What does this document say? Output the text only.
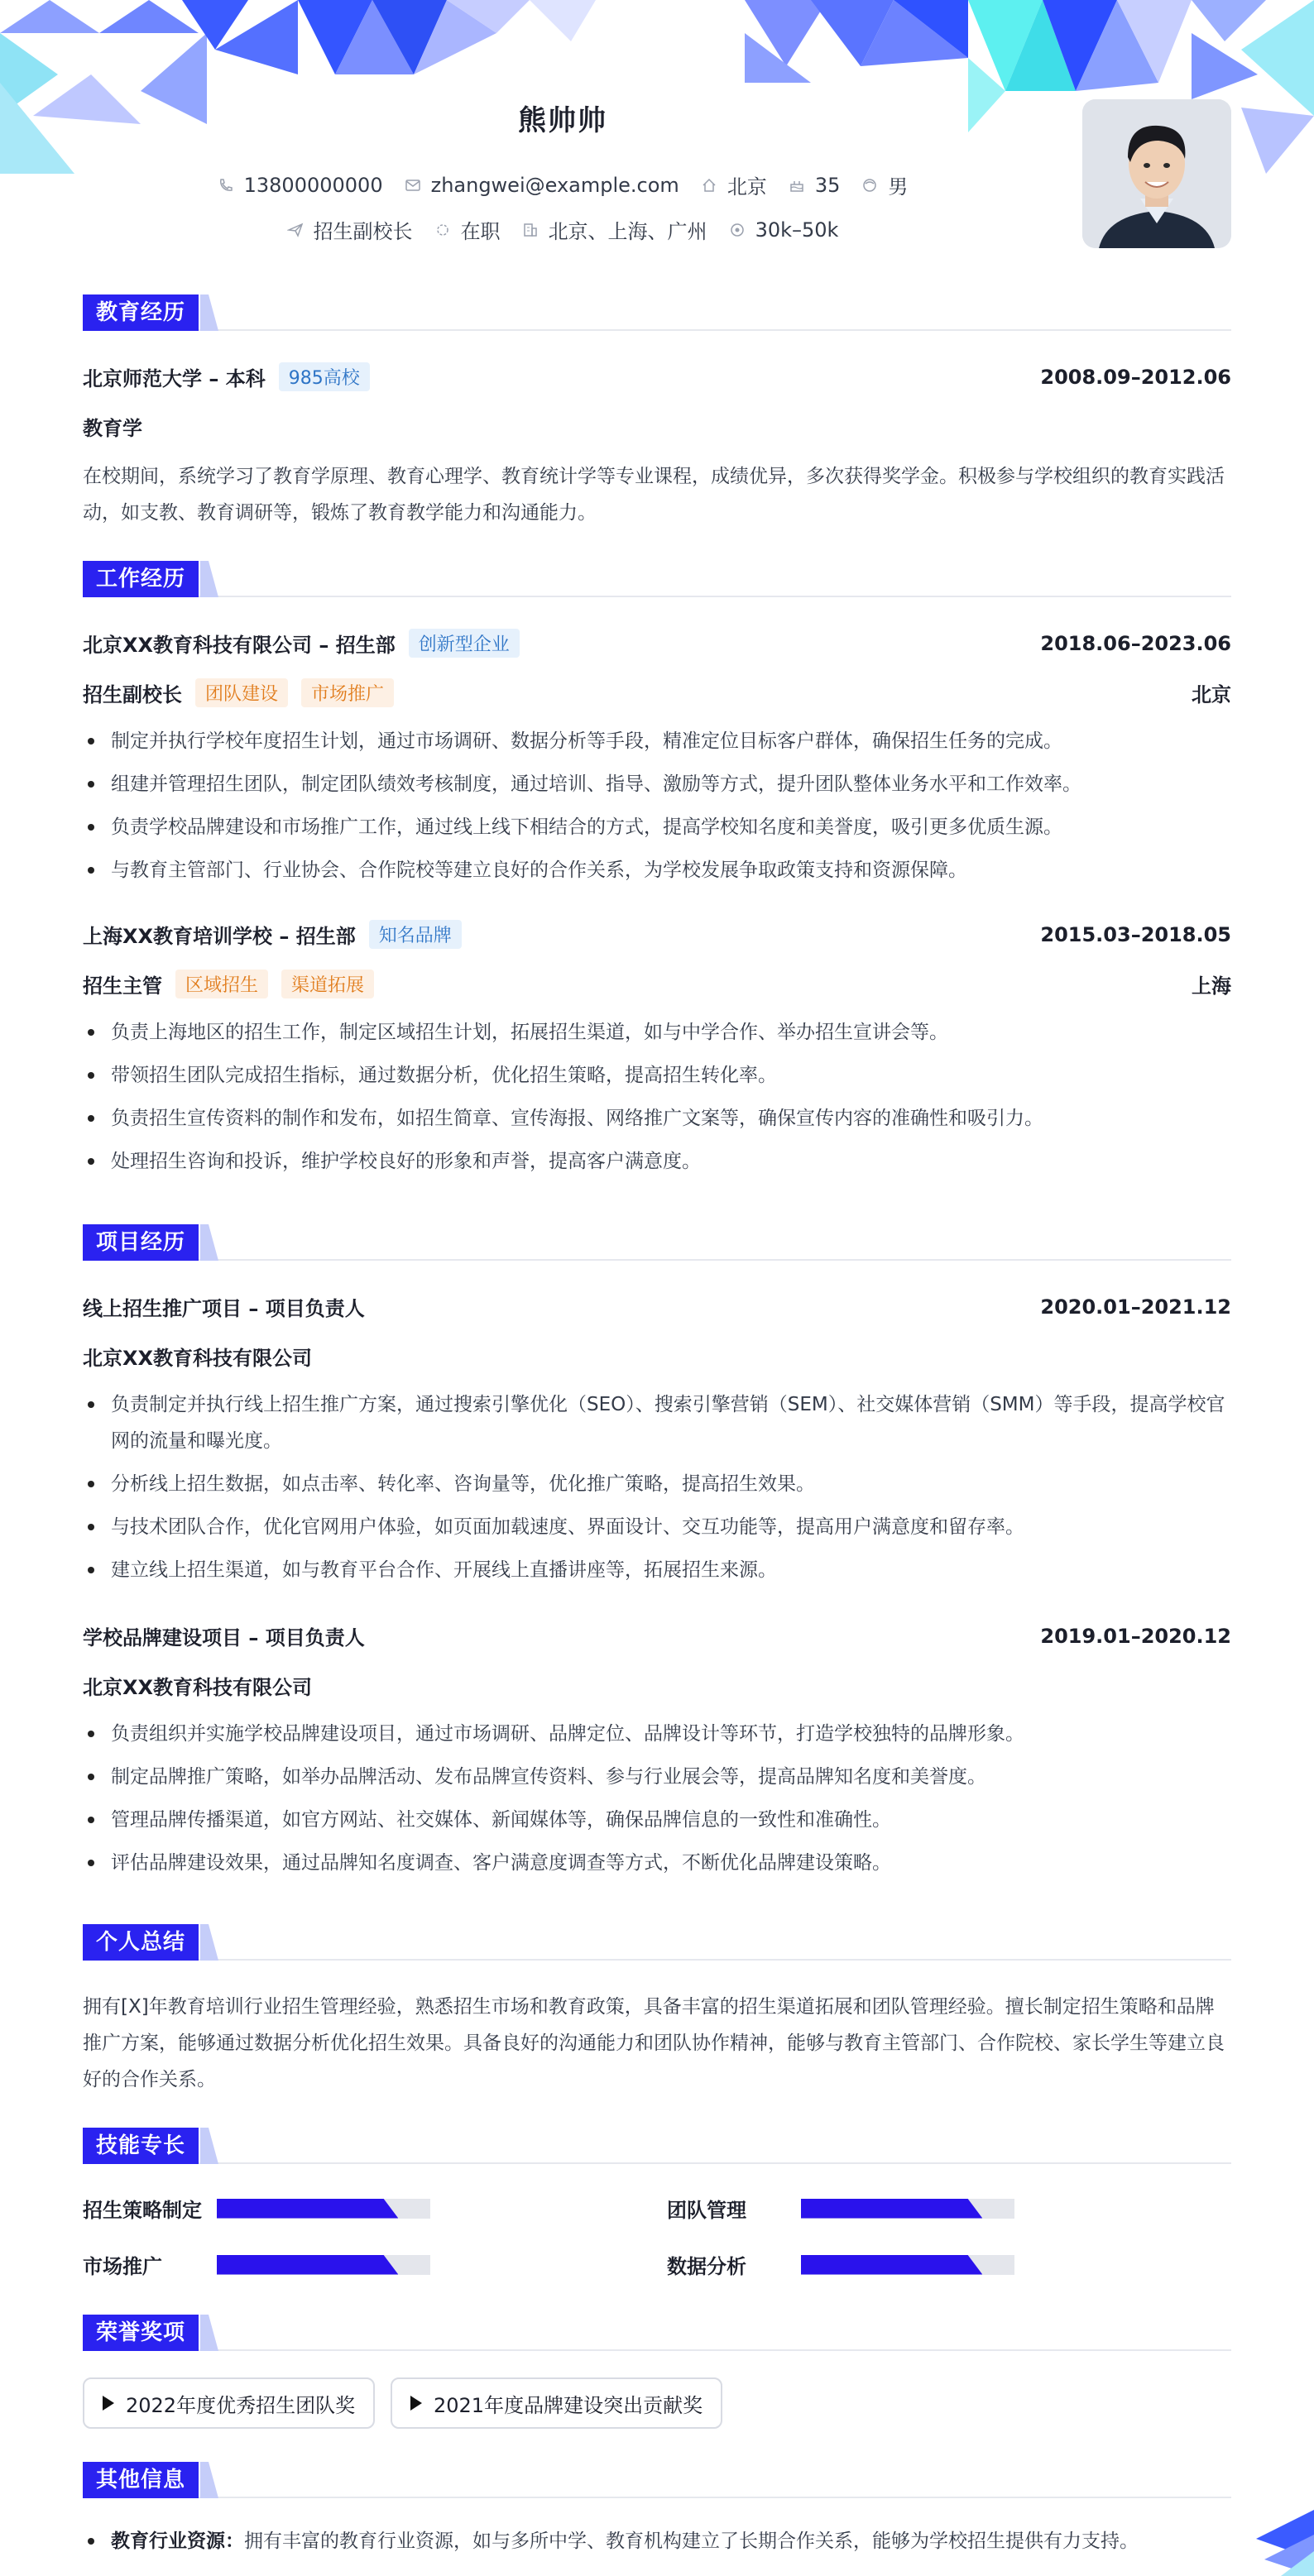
熊帅帅
13800000000 zhangwei@example.com 北京 35 男
招生副校长 在职 北京、上海、广州 30k–50k
教育经历
北京师范大学 – 本科	985高校	2008.09–2012.06
教育学
在校期间，系统学习了教育学原理、教育心理学、教育统计学等专业课程，成绩优异，多次获得奖学金。积极参与学校组织的教育实践活动，如支教、教育调研等，锻炼了教育教学能力和沟通能力。
工作经历
北京XX教育科技有限公司 – 招生部	创新型企业	2018.06–2023.06
招生副校长	团队建设	市场推广	北京
制定并执行学校年度招生计划，通过市场调研、数据分析等手段，精准定位目标客户群体，确保招生任务的完成。
组建并管理招生团队，制定团队绩效考核制度，通过培训、指导、激励等方式，提升团队整体业务水平和工作效率。
负责学校品牌建设和市场推广工作，通过线上线下相结合的方式，提高学校知名度和美誉度，吸引更多优质生源。
与教育主管部门、行业协会、合作院校等建立良好的合作关系，为学校发展争取政策支持和资源保障。
上海XX教育培训学校 – 招生部	知名品牌	2015.03–2018.05
招生主管	区域招生	渠道拓展	上海
负责上海地区的招生工作，制定区域招生计划，拓展招生渠道，如与中学合作、举办招生宣讲会等。
带领招生团队完成招生指标，通过数据分析，优化招生策略，提高招生转化率。
负责招生宣传资料的制作和发布，如招生简章、宣传海报、网络推广文案等，确保宣传内容的准确性和吸引力。
处理招生咨询和投诉，维护学校良好的形象和声誉，提高客户满意度。
项目经历
线上招生推广项目 – 项目负责人	2020.01–2021.12
北京XX教育科技有限公司
负责制定并执行线上招生推广方案，通过搜索引擎优化（SEO）、搜索引擎营销（SEM）、社交媒体营销（SMM）等手段，提高学校官网的流量和曝光度。
分析线上招生数据，如点击率、转化率、咨询量等，优化推广策略，提高招生效果。
与技术团队合作，优化官网用户体验，如页面加载速度、界面设计、交互功能等，提高用户满意度和留存率。
建立线上招生渠道，如与教育平台合作、开展线上直播讲座等，拓展招生来源。
学校品牌建设项目 – 项目负责人	2019.01–2020.12
北京XX教育科技有限公司
负责组织并实施学校品牌建设项目，通过市场调研、品牌定位、品牌设计等环节，打造学校独特的品牌形象。
制定品牌推广策略，如举办品牌活动、发布品牌宣传资料、参与行业展会等，提高品牌知名度和美誉度。
管理品牌传播渠道，如官方网站、社交媒体、新闻媒体等，确保品牌信息的一致性和准确性。
评估品牌建设效果，通过品牌知名度调查、客户满意度调查等方式，不断优化品牌建设策略。
个人总结
拥有[X]年教育培训行业招生管理经验，熟悉招生市场和教育政策，具备丰富的招生渠道拓展和团队管理经验。擅长制定招生策略和品牌推广方案，能够通过数据分析优化招生效果。具备良好的沟通能力和团队协作精神，能够与教育主管部门、合作院校、家长学生等建立良好的合作关系。
技能专长
招生策略制定	团队管理
市场推广	数据分析
荣誉奖项
2022年度优秀招生团队奖	2021年度品牌建设突出贡献奖
其他信息
教育行业资源：拥有丰富的教育行业资源，如与多所中学、教育机构建立了长期合作关系，能够为学校招生提供有力支持。
